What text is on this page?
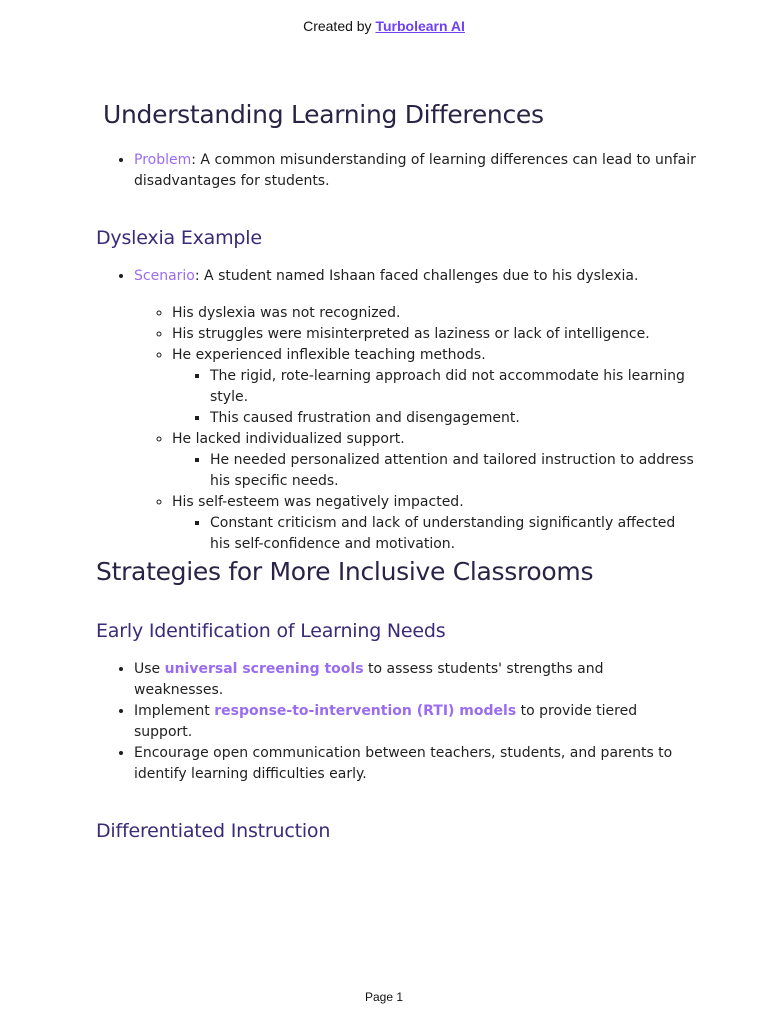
Created by Turbolearn AI
Understanding Learning Differences
• Problem: A common misunderstanding of learning differences can lead to unfair disadvantages for students.
Dyslexia Example
• Scenario: A student named Ishaan faced challenges due to his dyslexia.
◦ His dyslexia was not recognized.
◦ His struggles were misinterpreted as laziness or lack of intelligence.
◦ He experienced inflexible teaching methods.
▪ The rigid, rote-learning approach did not accommodate his learning style.
▪ This caused frustration and disengagement.
◦ He lacked individualized support.
▪ He needed personalized attention and tailored instruction to address his specific needs.
◦ His self-esteem was negatively impacted.
▪ Constant criticism and lack of understanding significantly affected his self-confidence and motivation.
Strategies for More Inclusive Classrooms
Early Identification of Learning Needs
• Use universal screening tools to assess students' strengths and weaknesses.
• Implement response-to-intervention (RTI) models to provide tiered support.
• Encourage open communication between teachers, students, and parents to identify learning difficulties early.
Differentiated Instruction
Page 1
